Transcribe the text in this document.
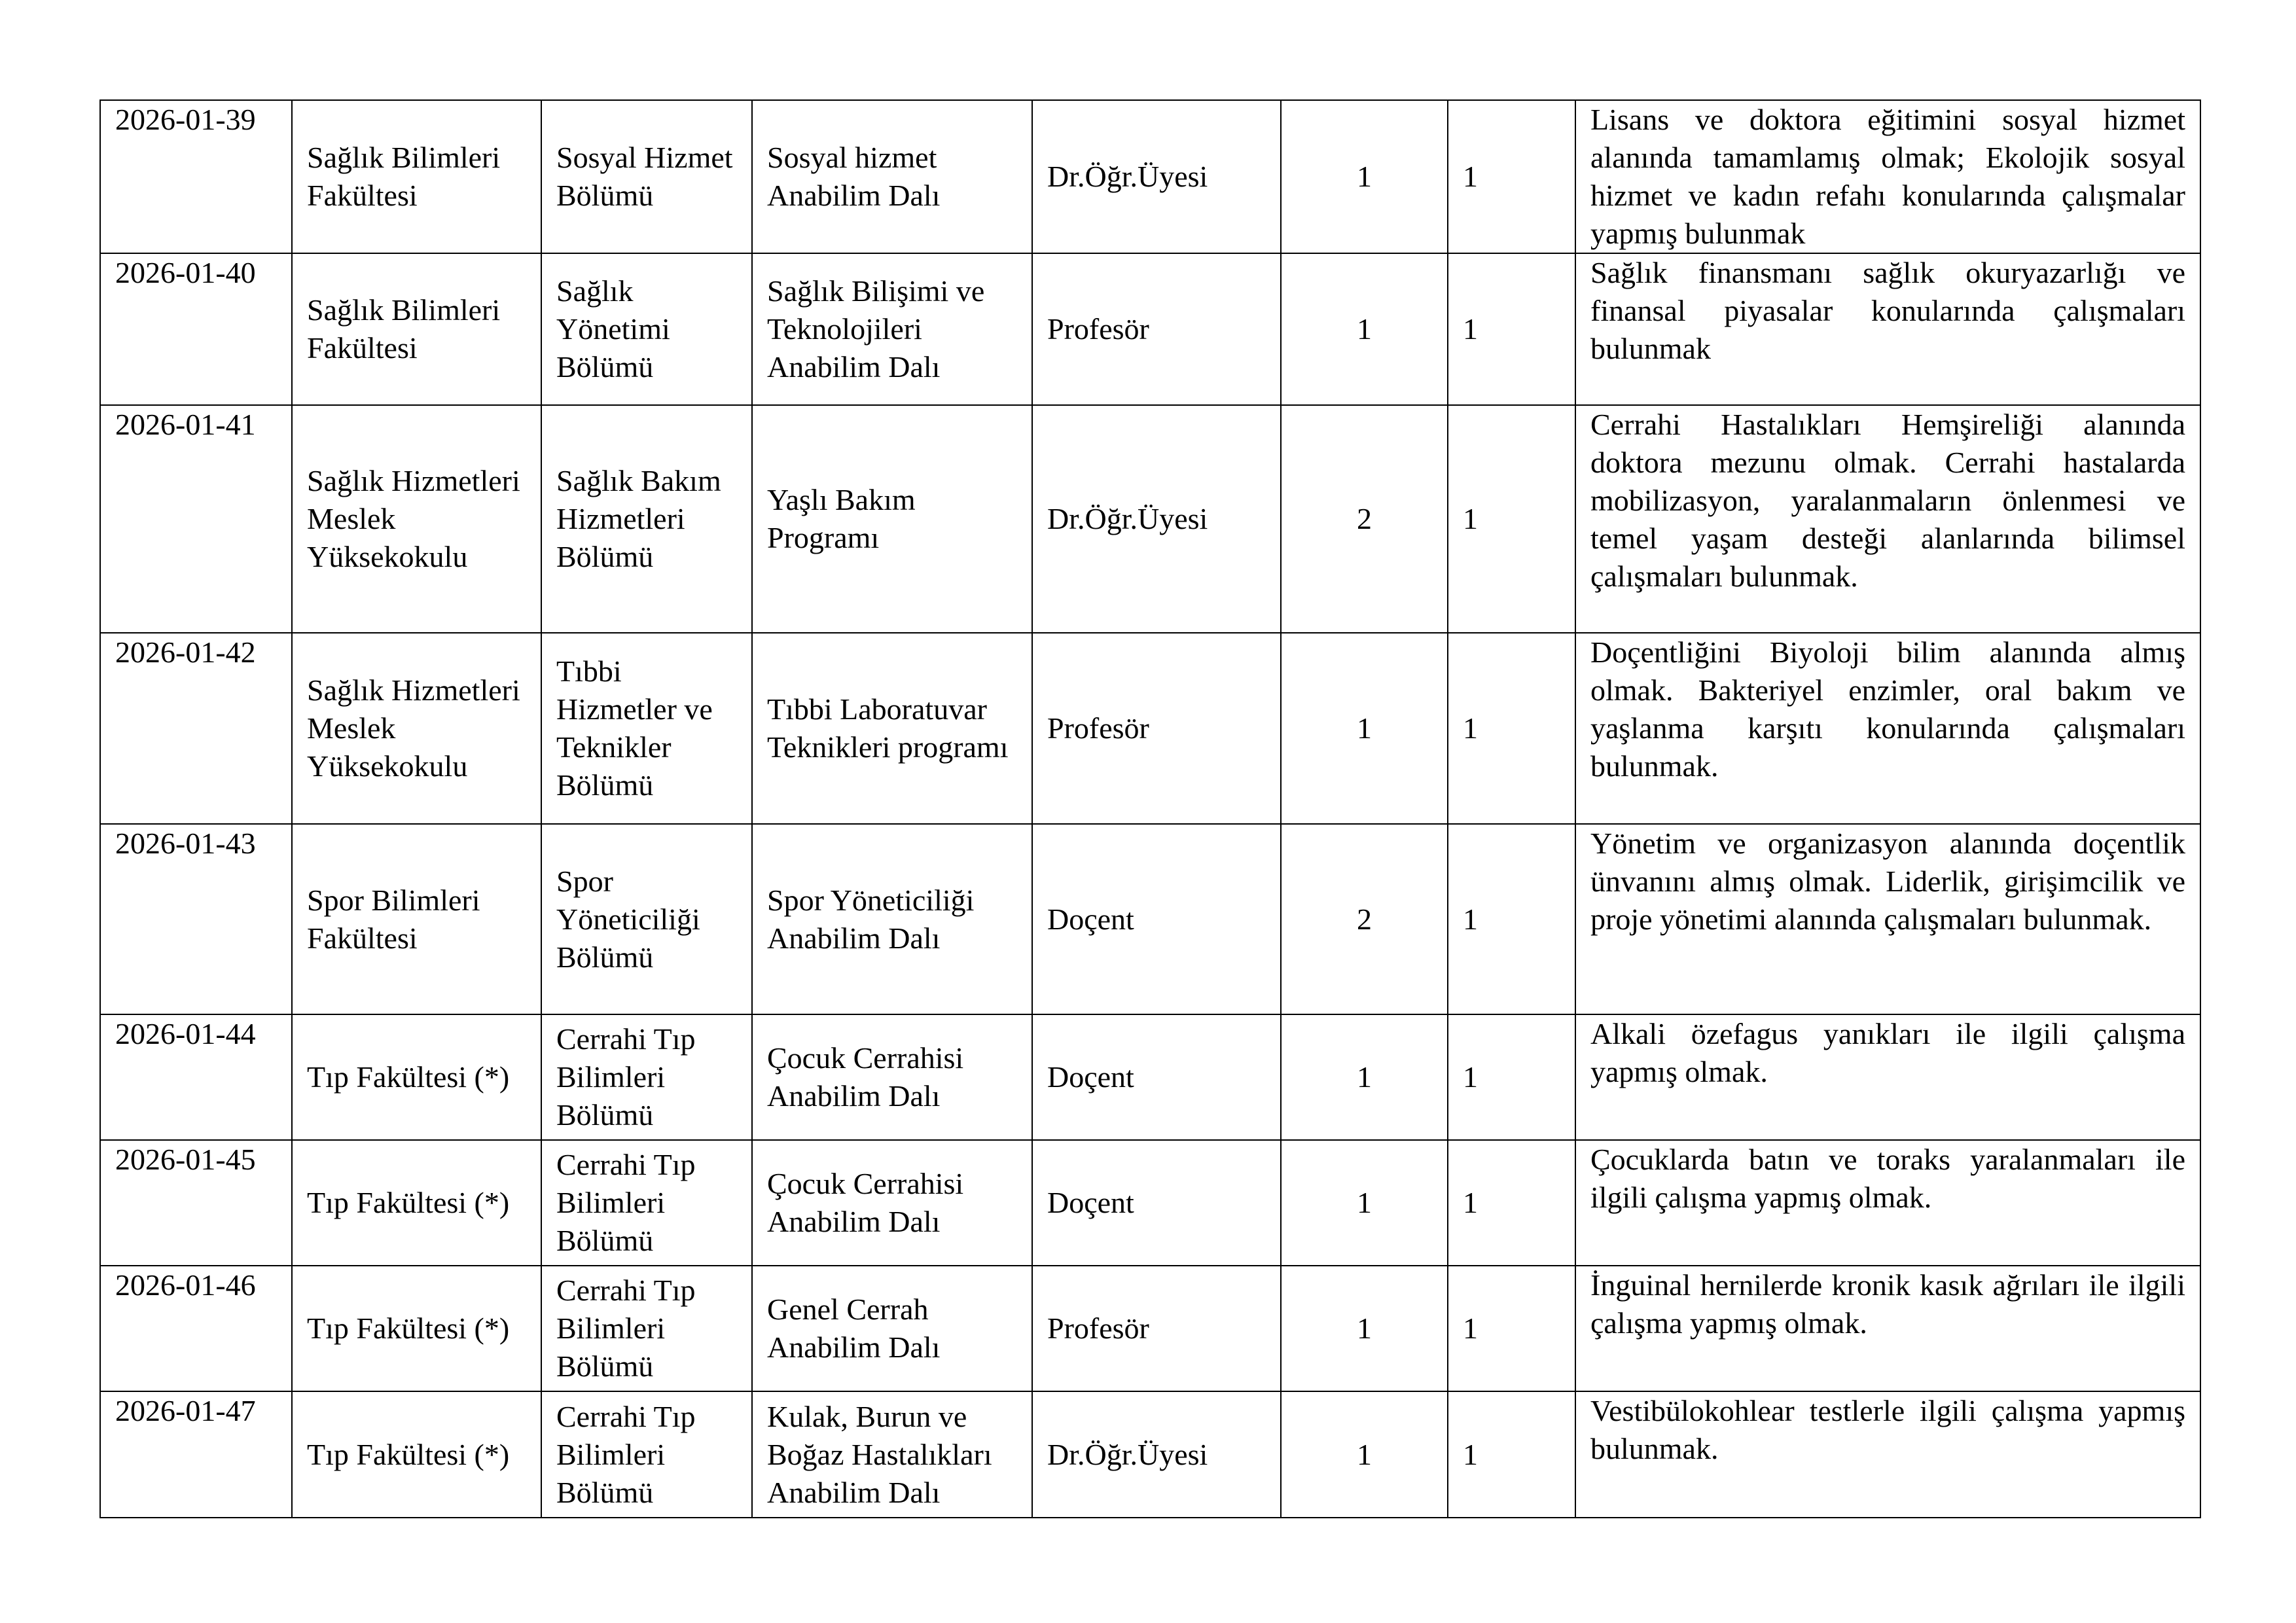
2026-01-39	Sağlık Bilimleri Fakültesi	Sosyal Hizmet Bölümü	Sosyal hizmet Anabilim Dalı	Dr.Öğr.Üyesi	1	1	Lisans ve doktora eğitimini sosyal hizmet alanında tamamlamış olmak; Ekolojik sosyal hizmet ve kadın refahı konularında çalışmalar yapmış bulunmak
2026-01-40	Sağlık Bilimleri Fakültesi	Sağlık Yönetimi Bölümü	Sağlık Bilişimi ve Teknolojileri Anabilim Dalı	Profesör	1	1	Sağlık finansmanı sağlık okuryazarlığı ve finansal piyasalar konularında çalışmaları bulunmak
2026-01-41	Sağlık Hizmetleri Meslek Yüksekokulu	Sağlık Bakım Hizmetleri Bölümü	Yaşlı Bakım Programı	Dr.Öğr.Üyesi	2	1	Cerrahi Hastalıkları Hemşireliği alanında doktora mezunu olmak. Cerrahi hastalarda mobilizasyon, yaralanmaların önlenmesi ve temel yaşam desteği alanlarında bilimsel çalışmaları bulunmak.
2026-01-42	Sağlık Hizmetleri Meslek Yüksekokulu	Tıbbi Hizmetler ve Teknikler Bölümü	Tıbbi Laboratuvar Teknikleri programı	Profesör	1	1	Doçentliğini Biyoloji bilim alanında almış olmak. Bakteriyel enzimler, oral bakım ve yaşlanma karşıtı konularında çalışmaları bulunmak.
2026-01-43	Spor Bilimleri Fakültesi	Spor Yöneticiliği Bölümü	Spor Yöneticiliği Anabilim Dalı	Doçent	2	1	Yönetim ve organizasyon alanında doçentlik ünvanını almış olmak. Liderlik, girişimcilik ve proje yönetimi alanında çalışmaları bulunmak.
2026-01-44	Tıp Fakültesi (*)	Cerrahi Tıp Bilimleri Bölümü	Çocuk Cerrahisi Anabilim Dalı	Doçent	1	1	Alkali özefagus yanıkları ile ilgili çalışma yapmış olmak.
2026-01-45	Tıp Fakültesi (*)	Cerrahi Tıp Bilimleri Bölümü	Çocuk Cerrahisi Anabilim Dalı	Doçent	1	1	Çocuklarda batın ve toraks yaralanmaları ile ilgili çalışma yapmış olmak.
2026-01-46	Tıp Fakültesi (*)	Cerrahi Tıp Bilimleri Bölümü	Genel Cerrah Anabilim Dalı	Profesör	1	1	İnguinal hernilerde kronik kasık ağrıları ile ilgili çalışma yapmış olmak.
2026-01-47	Tıp Fakültesi (*)	Cerrahi Tıp Bilimleri Bölümü	Kulak, Burun ve Boğaz Hastalıkları Anabilim Dalı	Dr.Öğr.Üyesi	1	1	Vestibülokohlear testlerle ilgili çalışma yapmış bulunmak.
